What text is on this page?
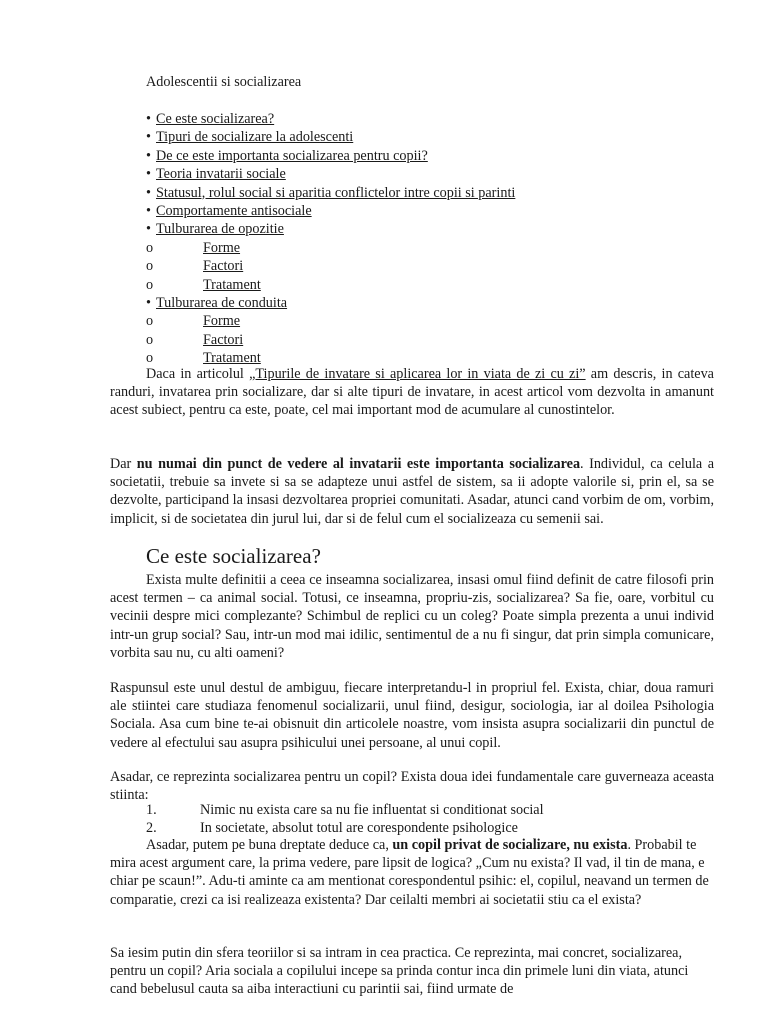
Adolescentii si socializarea
• Ce este socializarea?
• Tipuri de socializare la adolescenti
• De ce este importanta socializarea pentru copii?
• Teoria invatarii sociale
• Statusul, rolul social si aparitia conflictelor intre copii si parinti
• Comportamente antisociale
• Tulburarea de opozitie
o	Forme
o	Factori
o	Tratament
• Tulburarea de conduita
o	Forme
o	Factori
o	Tratament

Daca in articolul „Tipurile de invatare si aplicarea lor in viata de zi cu zi” am descris, in cateva randuri, invatarea prin socializare, dar si alte tipuri de invatare, in acest articol vom dezvolta in amanunt acest subiect, pentru ca este, poate, cel mai important mod de acumulare al cunostintelor.

Dar nu numai din punct de vedere al invatarii este importanta socializarea. Individul, ca celula a societatii, trebuie sa invete si sa se adapteze unui astfel de sistem, sa ii adopte valorile si, prin el, sa se dezvolte, participand la insasi dezvoltarea propriei comunitati. Asadar, atunci cand vorbim de om, vorbim, implicit, si de societatea din jurul lui, dar si de felul cum el socializeaza cu semenii sai.

Ce este socializarea?

Exista multe definitii a ceea ce inseamna socializarea, insasi omul fiind definit de catre filosofi prin acest termen – ca animal social. Totusi, ce inseamna, propriu-zis, socializarea? Sa fie, oare, vorbitul cu vecinii despre mici complezante? Schimbul de replici cu un coleg? Poate simpla prezenta a unui individ intr-un grup social? Sau, intr-un mod mai idilic, sentimentul de a nu fi singur, dat prin simpla comunicare, vorbita sau nu, cu alti oameni?

Raspunsul este unul destul de ambiguu, fiecare interpretandu-l in propriul fel. Exista, chiar, doua ramuri ale stiintei care studiaza fenomenul socializarii, unul fiind, desigur, sociologia, iar al doilea Psihologia Sociala. Asa cum bine te-ai obisnuit din articolele noastre, vom insista asupra socializarii din punctul de vedere al efectului sau asupra psihicului unei persoane, al unui copil.

Asadar, ce reprezinta socializarea pentru un copil? Exista doua idei fundamentale care guverneaza aceasta stiinta:

1.	Nimic nu exista care sa nu fie influentat si conditionat social
2.	In societate, absolut totul are corespondente psihologice

Asadar, putem pe buna dreptate deduce ca, un copil privat de socializare, nu exista. Probabil te mira acest argument care, la prima vedere, pare lipsit de logica? „Cum nu exista? Il vad, il tin de mana, e chiar pe scaun!”. Adu-ti aminte ca am mentionat corespondentul psihic: el, copilul, neavand un termen de comparatie, crezi ca isi realizeaza existenta? Dar ceilalti membri ai societatii stiu ca el exista?

Sa iesim putin din sfera teoriilor si sa intram in cea practica. Ce reprezinta, mai concret, socializarea, pentru un copil? Aria sociala a copilului incepe sa prinda contur inca din primele luni din viata, atunci cand bebelusul cauta sa aiba interactiuni cu parintii sai, fiind urmate de
